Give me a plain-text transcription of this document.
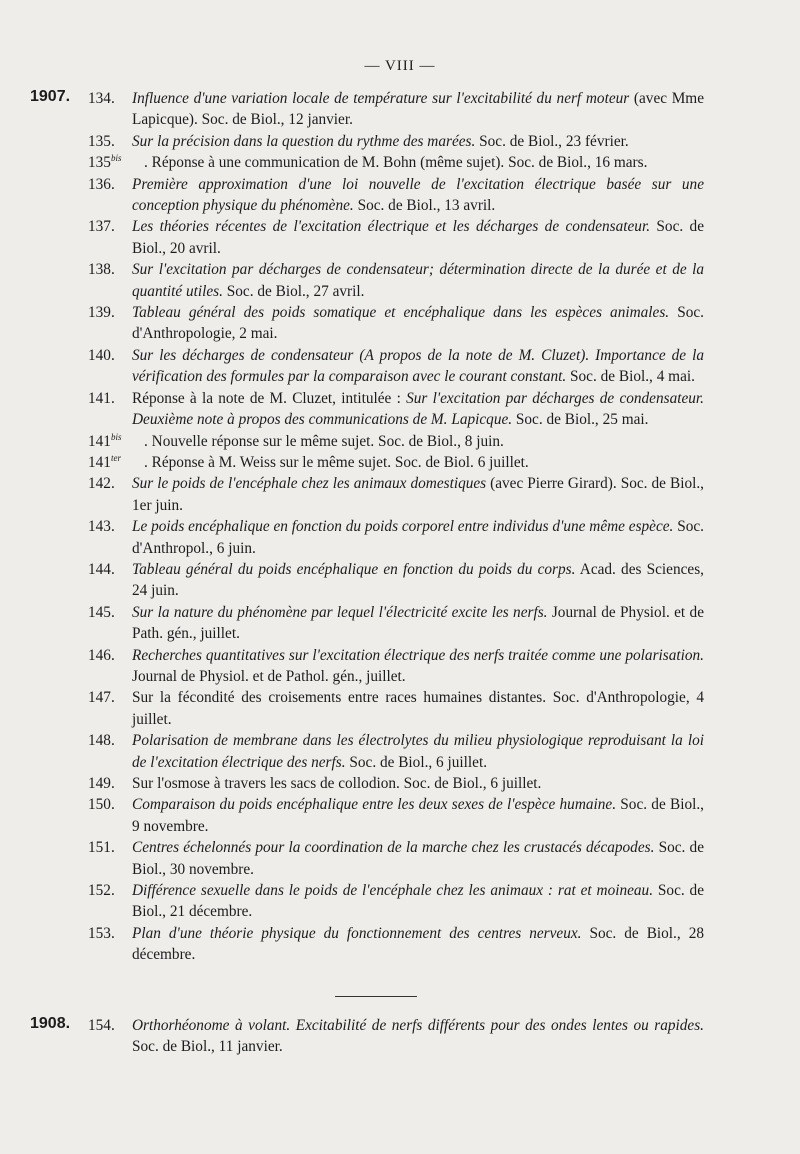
— VIII —
1907. 134. Influence d'une variation locale de température sur l'excitabilité du nerf moteur (avec Mme Lapicque). Soc. de Biol., 12 janvier.
135. Sur la précision dans la question du rythme des marées. Soc. de Biol., 23 février.
$135^{bis}$ . Réponse à une communication de M. Bohn (même sujet). Soc. de Biol., 16 mars.
136. Première approximation d'une loi nouvelle de l'excitation électrique basée sur une conception physique du phénomène. Soc. de Biol., 13 avril.
137. Les théories récentes de l'excitation électrique et les décharges de condensateur. Soc. de Biol., 20 avril.
138. Sur l'excitation par décharges de condensateur; détermination directe de la durée et de la quantité utiles. Soc. de Biol., 27 avril.
139. Tableau général des poids somatique et encéphalique dans les espèces animales. Soc. d'Anthropologie, 2 mai.
140. Sur les décharges de condensateur (A propos de la note de M. Cluzet). Importance de la vérification des formules par la comparaison avec le courant constant. Soc. de Biol., 4 mai.
141. Réponse à la note de M. Cluzet, intitulée : Sur l'excitation par décharges de condensateur. Deuxième note à propos des communications de M. Lapicque. Soc. de Biol., 25 mai.
$141^{bis}$ . Nouvelle réponse sur le même sujet. Soc. de Biol., 8 juin.
$141^{ter}$ . Réponse à M. Weiss sur le même sujet. Soc. de Biol. 6 juillet.
142. Sur le poids de l'encéphale chez les animaux domestiques (avec Pierre Girard). Soc. de Biol., 1er juin.
143. Le poids encéphalique en fonction du poids corporel entre individus d'une même espèce. Soc. d'Anthropol., 6 juin.
144. Tableau général du poids encéphalique en fonction du poids du corps. Acad. des Sciences, 24 juin.
145. Sur la nature du phénomène par lequel l'électricité excite les nerfs. Journal de Physiol. et de Path. gén., juillet.
146. Recherches quantitatives sur l'excitation électrique des nerfs traitée comme une polarisation. Journal de Physiol. et de Pathol. gén., juillet.
147. Sur la fécondité des croisements entre races humaines distantes. Soc. d'Anthropologie, 4 juillet.
148. Polarisation de membrane dans les électrolytes du milieu physiologique reproduisant la loi de l'excitation électrique des nerfs. Soc. de Biol., 6 juillet.
149. Sur l'osmose à travers les sacs de collodion. Soc. de Biol., 6 juillet.
150. Comparaison du poids encéphalique entre les deux sexes de l'espèce humaine. Soc. de Biol., 9 novembre.
151. Centres échelonnés pour la coordination de la marche chez les crustacés décapodes. Soc. de Biol., 30 novembre.
152. Différence sexuelle dans le poids de l'encéphale chez les animaux : rat et moineau. Soc. de Biol., 21 décembre.
153. Plan d'une théorie physique du fonctionnement des centres nerveux. Soc. de Biol., 28 décembre.
1908. 154. Orthorhéonome à volant. Excitabilité de nerfs différents pour des ondes lentes ou rapides. Soc. de Biol., 11 janvier.
